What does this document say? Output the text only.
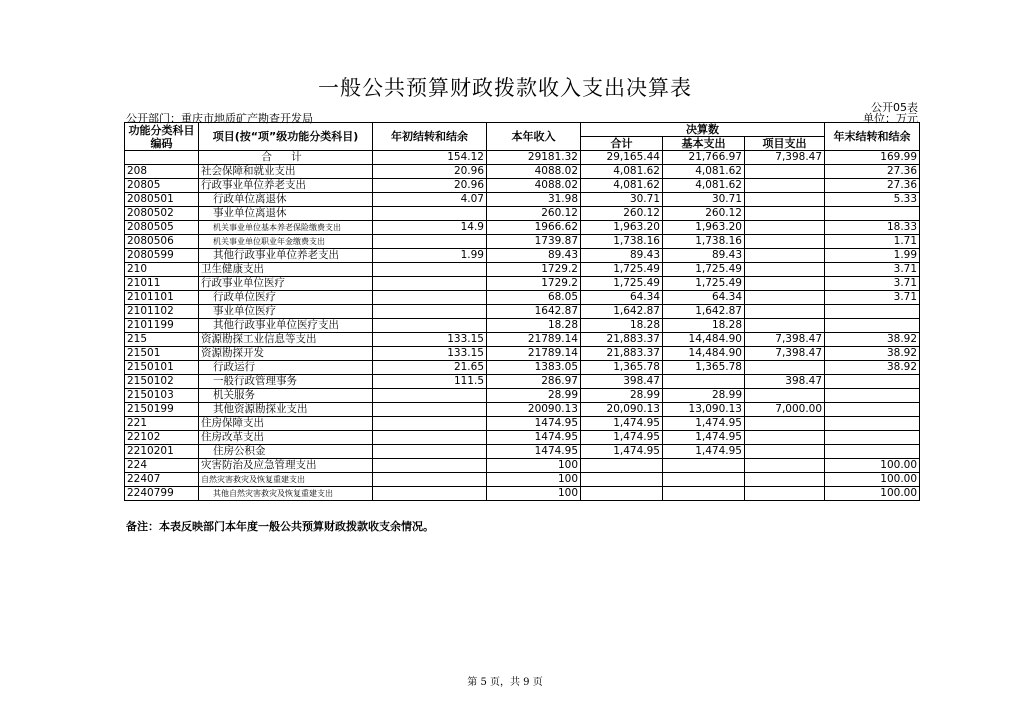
一般公共预算财政拨款收入支出决算表
公开05表
公开部门：重庆市地质矿产勘查开发局	单位：万元
功能分类科目编码	项目(按“项”级功能分类科目)	年初结转和结余	本年收入	决算数			年末结转和结余
				合计	基本支出	项目支出	
	合 计	154.12	29181.32	29,165.44	21,766.97	7,398.47	169.99
208	社会保障和就业支出	20.96	4088.02	4,081.62	4,081.62		27.36
20805	行政事业单位养老支出	20.96	4088.02	4,081.62	4,081.62		27.36
2080501	行政单位离退休	4.07	31.98	30.71	30.71		5.33
2080502	事业单位离退休		260.12	260.12	260.12		
2080505	机关事业单位基本养老保险缴费支出	14.9	1966.62	1,963.20	1,963.20		18.33
2080506	机关事业单位职业年金缴费支出		1739.87	1,738.16	1,738.16		1.71
2080599	其他行政事业单位养老支出	1.99	89.43	89.43	89.43		1.99
210	卫生健康支出		1729.2	1,725.49	1,725.49		3.71
21011	行政事业单位医疗		1729.2	1,725.49	1,725.49		3.71
2101101	行政单位医疗		68.05	64.34	64.34		3.71
2101102	事业单位医疗		1642.87	1,642.87	1,642.87		
2101199	其他行政事业单位医疗支出		18.28	18.28	18.28		
215	资源勘探工业信息等支出	133.15	21789.14	21,883.37	14,484.90	7,398.47	38.92
21501	资源勘探开发	133.15	21789.14	21,883.37	14,484.90	7,398.47	38.92
2150101	行政运行	21.65	1383.05	1,365.78	1,365.78		38.92
2150102	一般行政管理事务	111.5	286.97	398.47		398.47	
2150103	机关服务		28.99	28.99	28.99		
2150199	其他资源勘探业支出		20090.13	20,090.13	13,090.13	7,000.00	
221	住房保障支出		1474.95	1,474.95	1,474.95		
22102	住房改革支出		1474.95	1,474.95	1,474.95		
2210201	住房公积金		1474.95	1,474.95	1,474.95		
224	灾害防治及应急管理支出		100				100.00
22407	自然灾害救灾及恢复重建支出		100				100.00
2240799	其他自然灾害救灾及恢复重建支出		100				100.00
备注：本表反映部门本年度一般公共预算财政拨款收支余情况。
第 5 页，共 9 页
